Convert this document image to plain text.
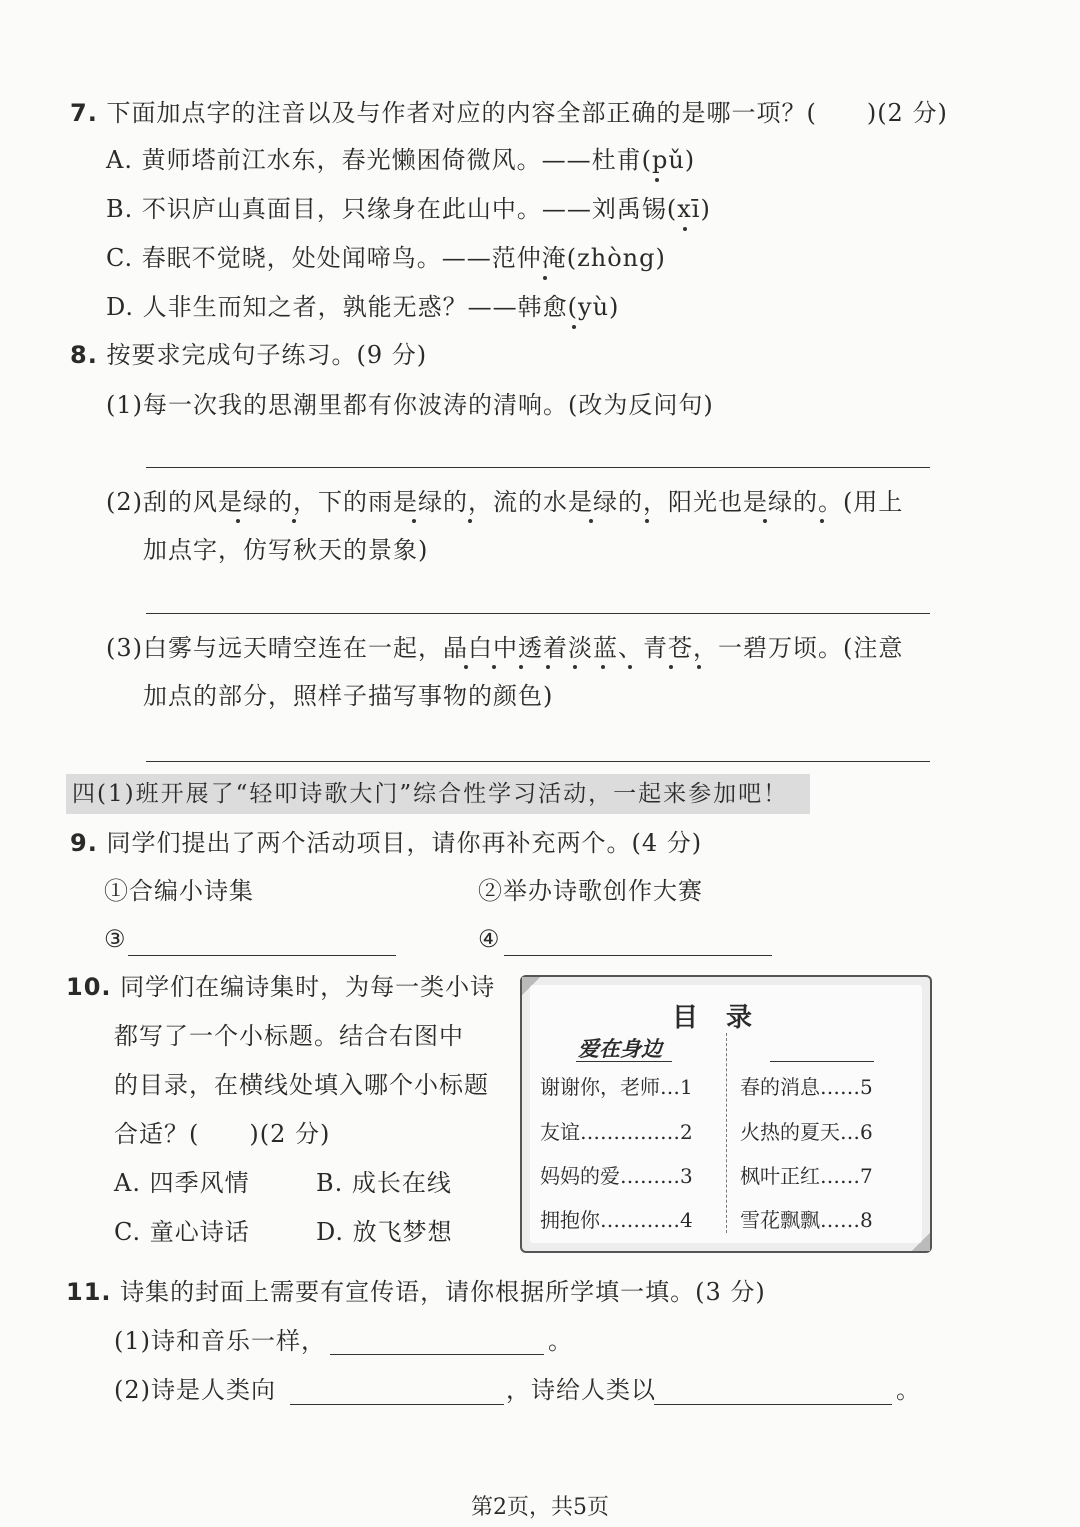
7. 下面加点字的注音以及与作者对应的内容全部正确的是哪一项？(　　)(2 分)
A. 黄师塔前江水东，春光懒困倚微风。——杜甫(pǔ)
B. 不识庐山真面目，只缘身在此山中。——刘禹锡(xī)
C. 春眠不觉晓，处处闻啼鸟。——范仲淹(zhòng)
D. 人非生而知之者，孰能无惑？——韩愈(yù)
8. 按要求完成句子练习。(9 分)
(1)每一次我的思潮里都有你波涛的清响。(改为反问句)
(2)刮的风是绿的，下的雨是绿的，流的水是绿的，阳光也是绿的。(用上
加点字，仿写秋天的景象)
(3)白雾与远天晴空连在一起，晶白中透着淡蓝、青苍，一碧万顷。(注意
加点的部分，照样子描写事物的颜色)
四(1)班开展了“轻叩诗歌大门”综合性学习活动，一起来参加吧！
9. 同学们提出了两个活动项目，请你再补充两个。(4 分)
①合编小诗集	②举办诗歌创作大赛
③	④
10. 同学们在编诗集时，为每一类小诗
都写了一个小标题。结合右图中
的目录，在横线处填入哪个小标题
合适？(　　)(2 分)
A. 四季风情	B. 成长在线
C. 童心诗话	D. 放飞梦想
目录
爱在身边
谢谢你，老师…1
友谊……………2
妈妈的爱………3
拥抱你…………4
春的消息……5
火热的夏天…6
枫叶正红……7
雪花飘飘……8
11. 诗集的封面上需要有宣传语，请你根据所学填一填。(3 分)
(1)诗和音乐一样，	。
(2)诗是人类向	，诗给人类以	。
第2页，共5页
